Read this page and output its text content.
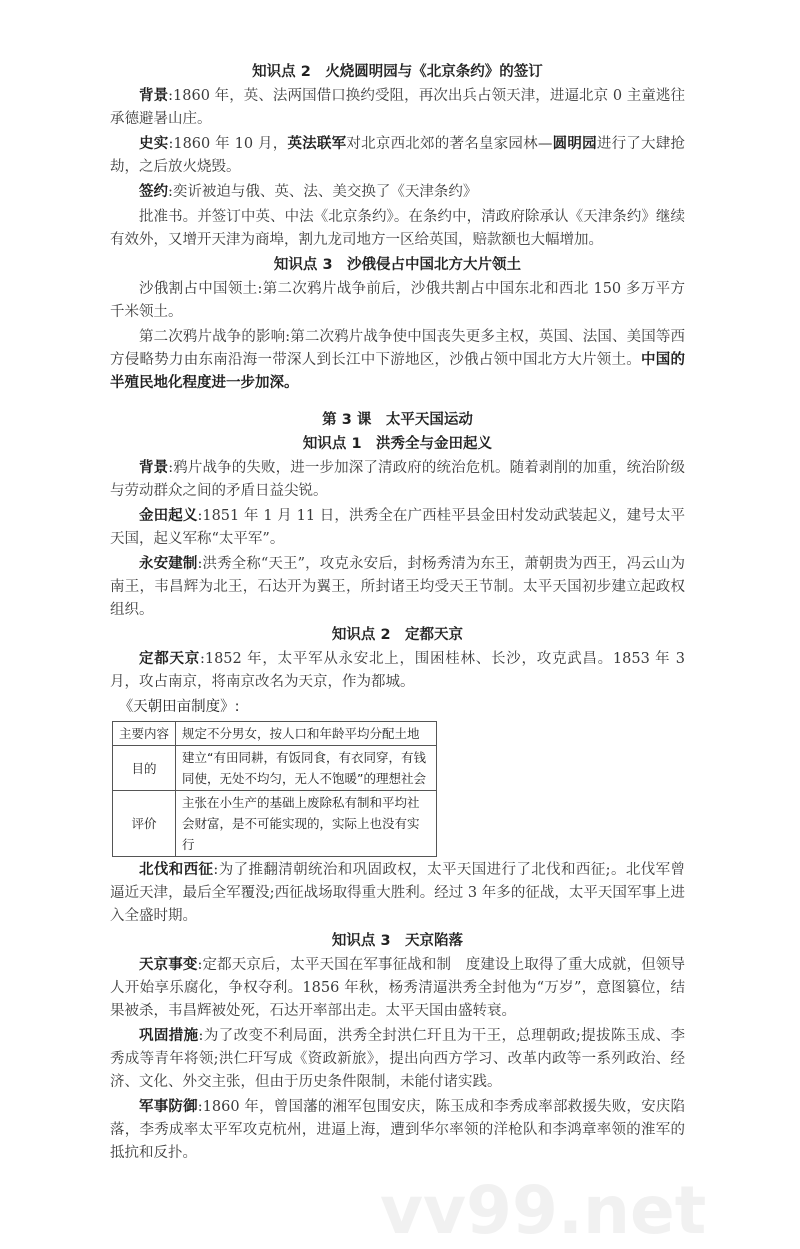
知识点 2　火烧圆明园与《北京条约》的签订

背景:1860 年，英、法两国借口换约受阻，再次出兵占领天津，进逼北京 0 主童逃往承德避暑山庄。

史实:1860 年 10 月，英法联军对北京西北郊的著名皇家园林—圆明园进行了大肆抢劫，之后放火烧毁。

签约:奕䜣被迫与俄、英、法、美交换了《天津条约》

批准书。并签订中英、中法《北京条约》。在条约中，清政府除承认《天津条约》继续有效外，又增开天津为商埠，割九龙司地方一区给英国，赔款额也大幅增加。

知识点 3　沙俄侵占中国北方大片领土

沙俄割占中国领土:第二次鸦片战争前后，沙俄共割占中国东北和西北 150 多万平方千米领土。

第二次鸦片战争的影响:第二次鸦片战争使中国丧失更多主权，英国、法国、美国等西方侵略势力由东南沿海一带深人到长江中下游地区，沙俄占领中国北方大片领土。中国的半殖民地化程度进一步加深。

第 3 课　太平天国运动
知识点 1　洪秀全与金田起义

背景:鸦片战争的失败，进一步加深了清政府的统治危机。随着剥削的加重，统治阶级与劳动群众之间的矛盾日益尖锐。

金田起义:1851 年 1 月 11 日，洪秀全在广西桂平县金田村发动武装起义，建号太平天国，起义军称“太平军”。

永安建制:洪秀全称“天王”，攻克永安后，封杨秀清为东王，萧朝贵为西王，冯云山为南王，韦昌辉为北王，石达开为翼王，所封诸王均受天王节制。太平天国初步建立起政权组织。

知识点 2　定都天京

定都天京:1852 年，太平军从永安北上，围困桂林、长沙，攻克武昌。1853 年 3 月，攻占南京，将南京改名为天京，作为都城。

《天朝田亩制度》:
主要内容	规定不分男女，按人口和年龄平均分配土地
目的	建立“有田同耕，有饭同食，有衣同穿，有钱同使，无处不均匀，无人不饱暖”的理想社会
评价	主张在小生产的基础上废除私有制和平均社会财富，是不可能实现的，实际上也没有实行

北伐和西征:为了推翻清朝统治和巩固政权，太平天国进行了北伐和西征;。北伐军曾逼近天津，最后全军覆没;西征战场取得重大胜利。经过 3 年多的征战，太平天国军事上进入全盛时期。

知识点 3　天京陷落

天京事变:定都天京后，太平天国在军事征战和制　度建设上取得了重大成就，但领导人开始享乐腐化，争权夺利。1856 年秋，杨秀清逼洪秀全封他为“万岁”，意图篡位，结果被杀，韦昌辉被处死，石达开率部出走。太平天国由盛转衰。

巩固措施:为了改变不利局面，洪秀全封洪仁玕且为干王，总理朝政;提拔陈玉成、李秀成等青年将领;洪仁玕写成《资政新旅》，提出向西方学习、改革内政等一系列政治、经济、文化、外交主张，但由于历史条件限制，未能付诸实践。

军事防御:1860 年，曾国藩的湘军包围安庆，陈玉成和李秀成率部救援失败，安庆陷落，李秀成率太平军攻克杭州，进逼上海，遭到华尔率领的洋枪队和李鸿章率领的淮军的抵抗和反扑。

vv99.net
